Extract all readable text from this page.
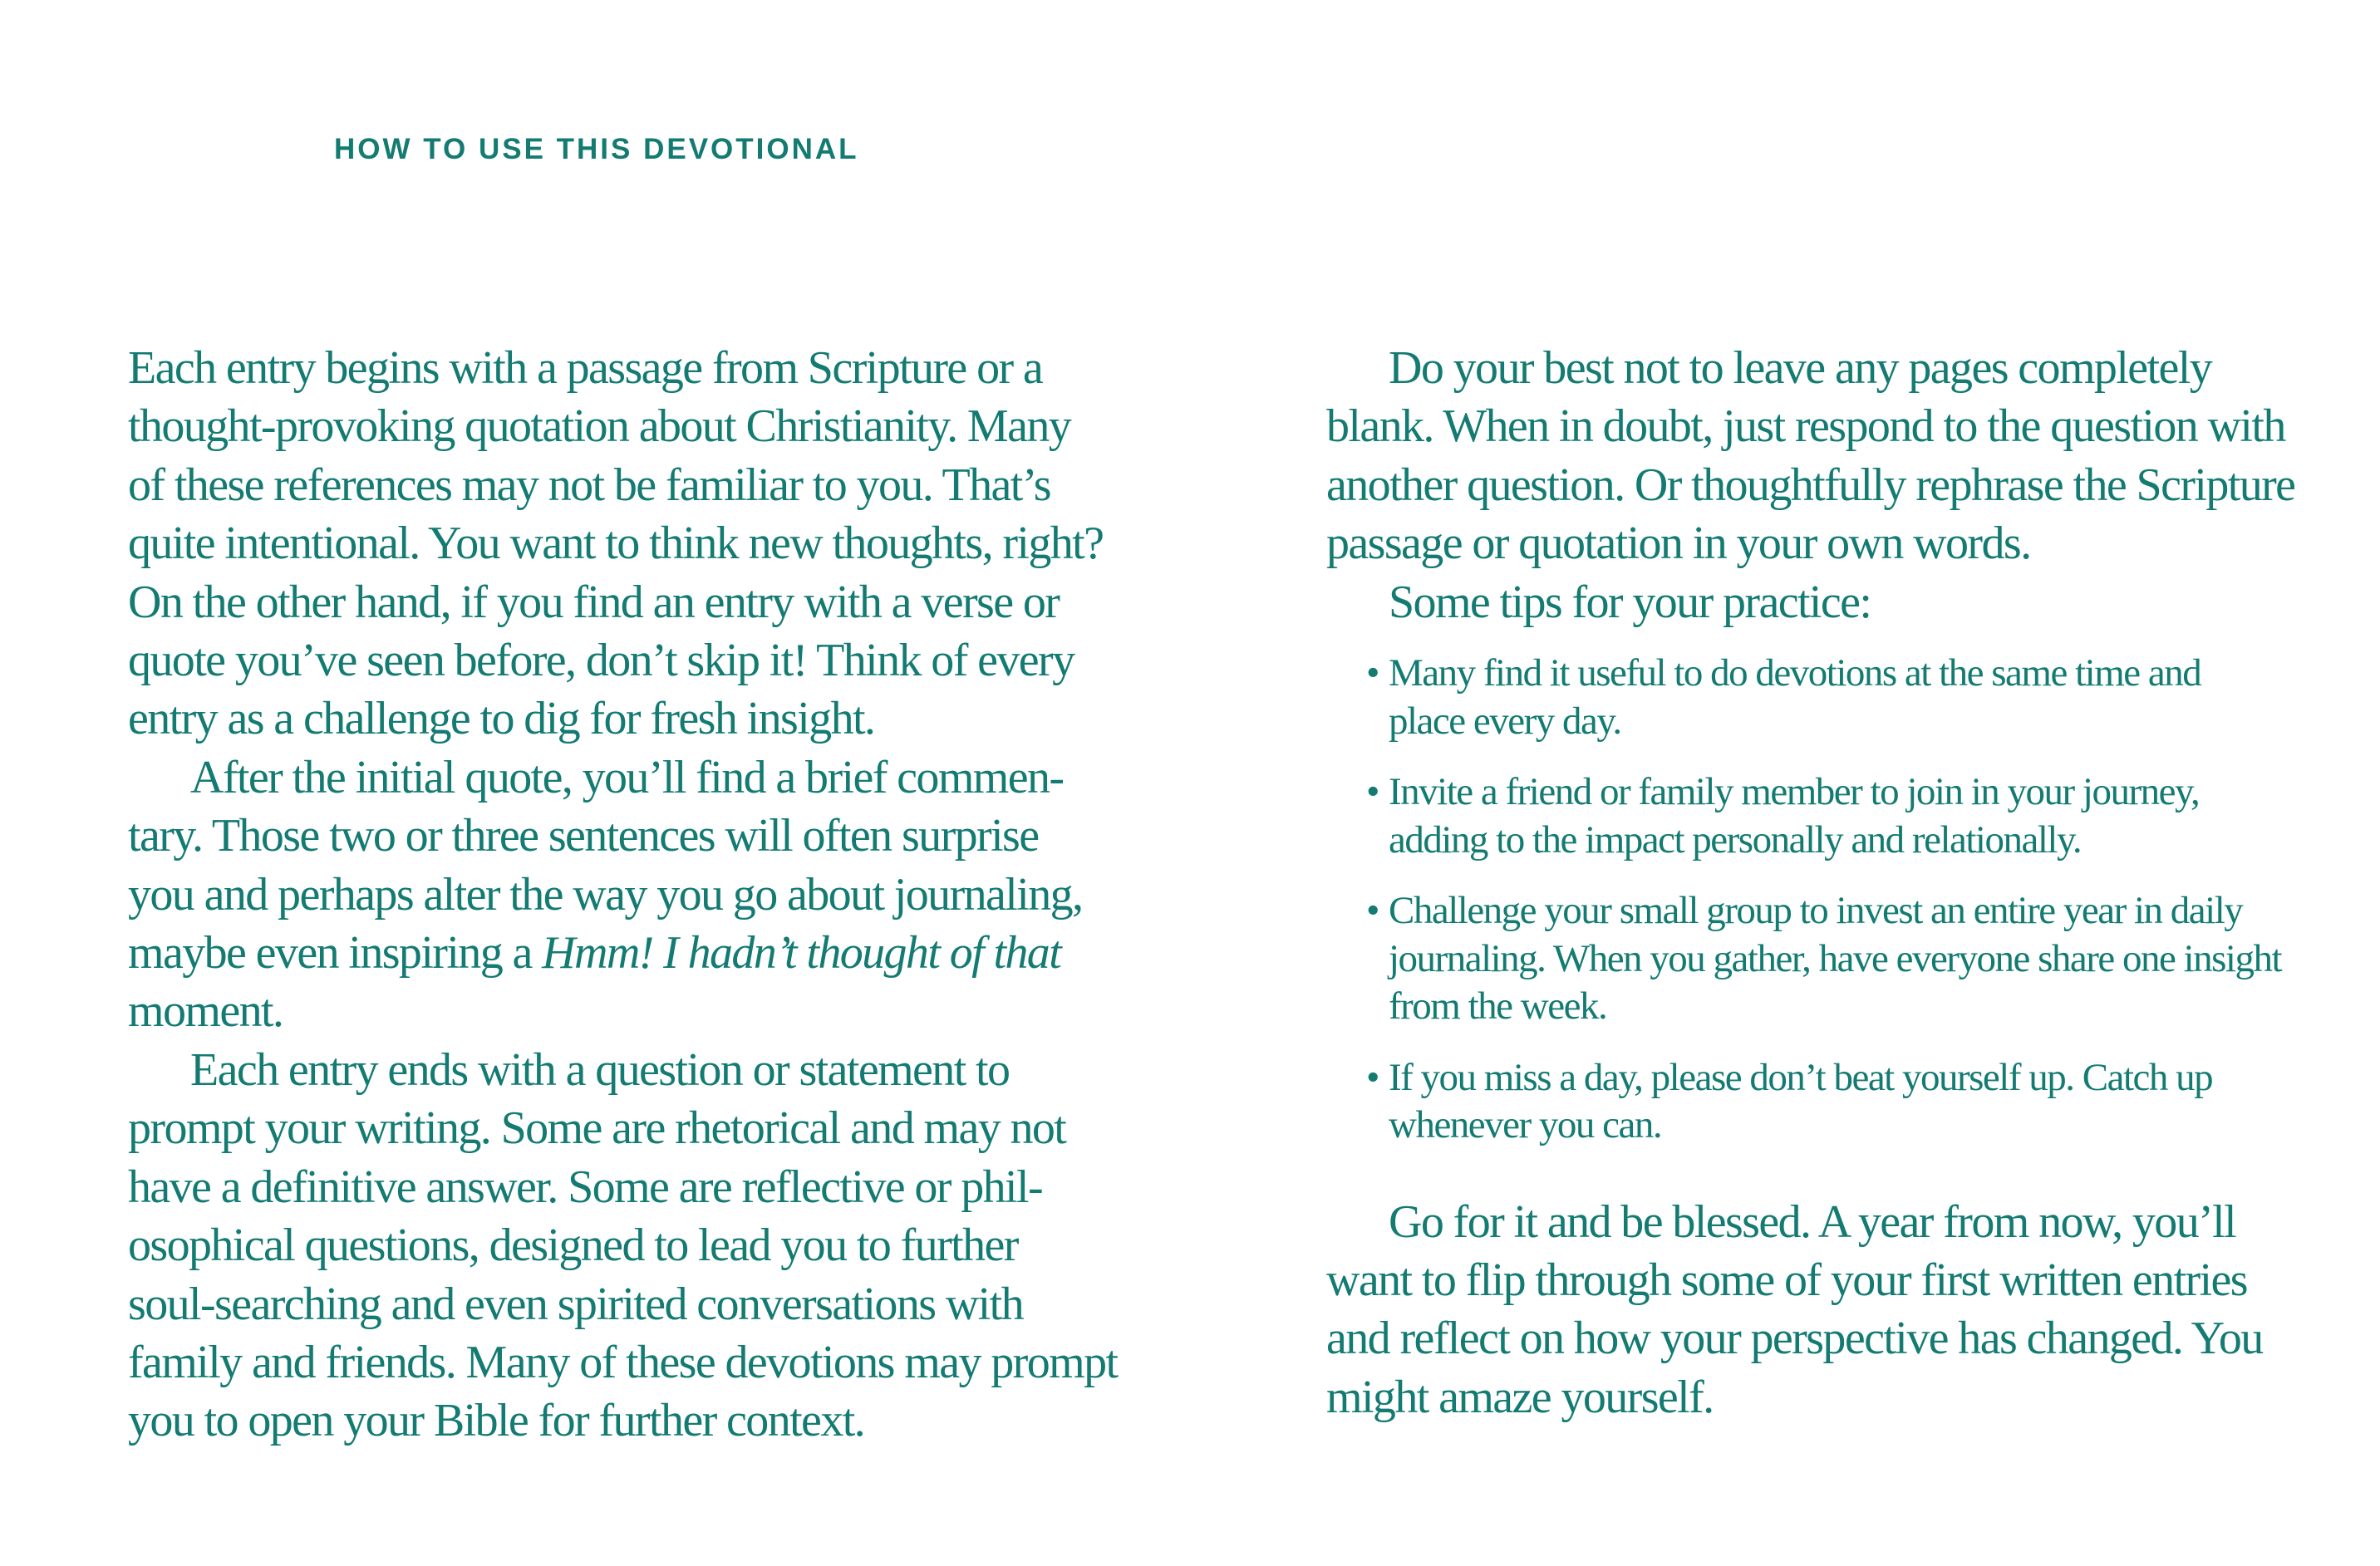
HOW TO USE THIS DEVOTIONAL

Each entry begins with a passage from Scripture or a
thought-provoking quotation about Christianity. Many
of these references may not be familiar to you. That’s
quite intentional. You want to think new thoughts, right?
On the other hand, if you find an entry with a verse or
quote you’ve seen before, don’t skip it! Think of every
entry as a challenge to dig for fresh insight.

After the initial quote, you’ll find a brief commen-
tary. Those two or three sentences will often surprise
you and perhaps alter the way you go about journaling,
maybe even inspiring a Hmm! I hadn’t thought of that
moment.

Each entry ends with a question or statement to
prompt your writing. Some are rhetorical and may not
have a definitive answer. Some are reflective or phil-
osophical questions, designed to lead you to further
soul-searching and even spirited conversations with
family and friends. Many of these devotions may prompt
you to open your Bible for further context.

Do your best not to leave any pages completely
blank. When in doubt, just respond to the question with
another question. Or thoughtfully rephrase the Scripture
passage or quotation in your own words.

Some tips for your practice:

• Many find it useful to do devotions at the same time and
place every day.
• Invite a friend or family member to join in your journey,
adding to the impact personally and relationally.
• Challenge your small group to invest an entire year in daily
journaling. When you gather, have everyone share one insight
from the week.
• If you miss a day, please don’t beat yourself up. Catch up
whenever you can.

Go for it and be blessed. A year from now, you’ll
want to flip through some of your first written entries
and reflect on how your perspective has changed. You
might amaze yourself.
